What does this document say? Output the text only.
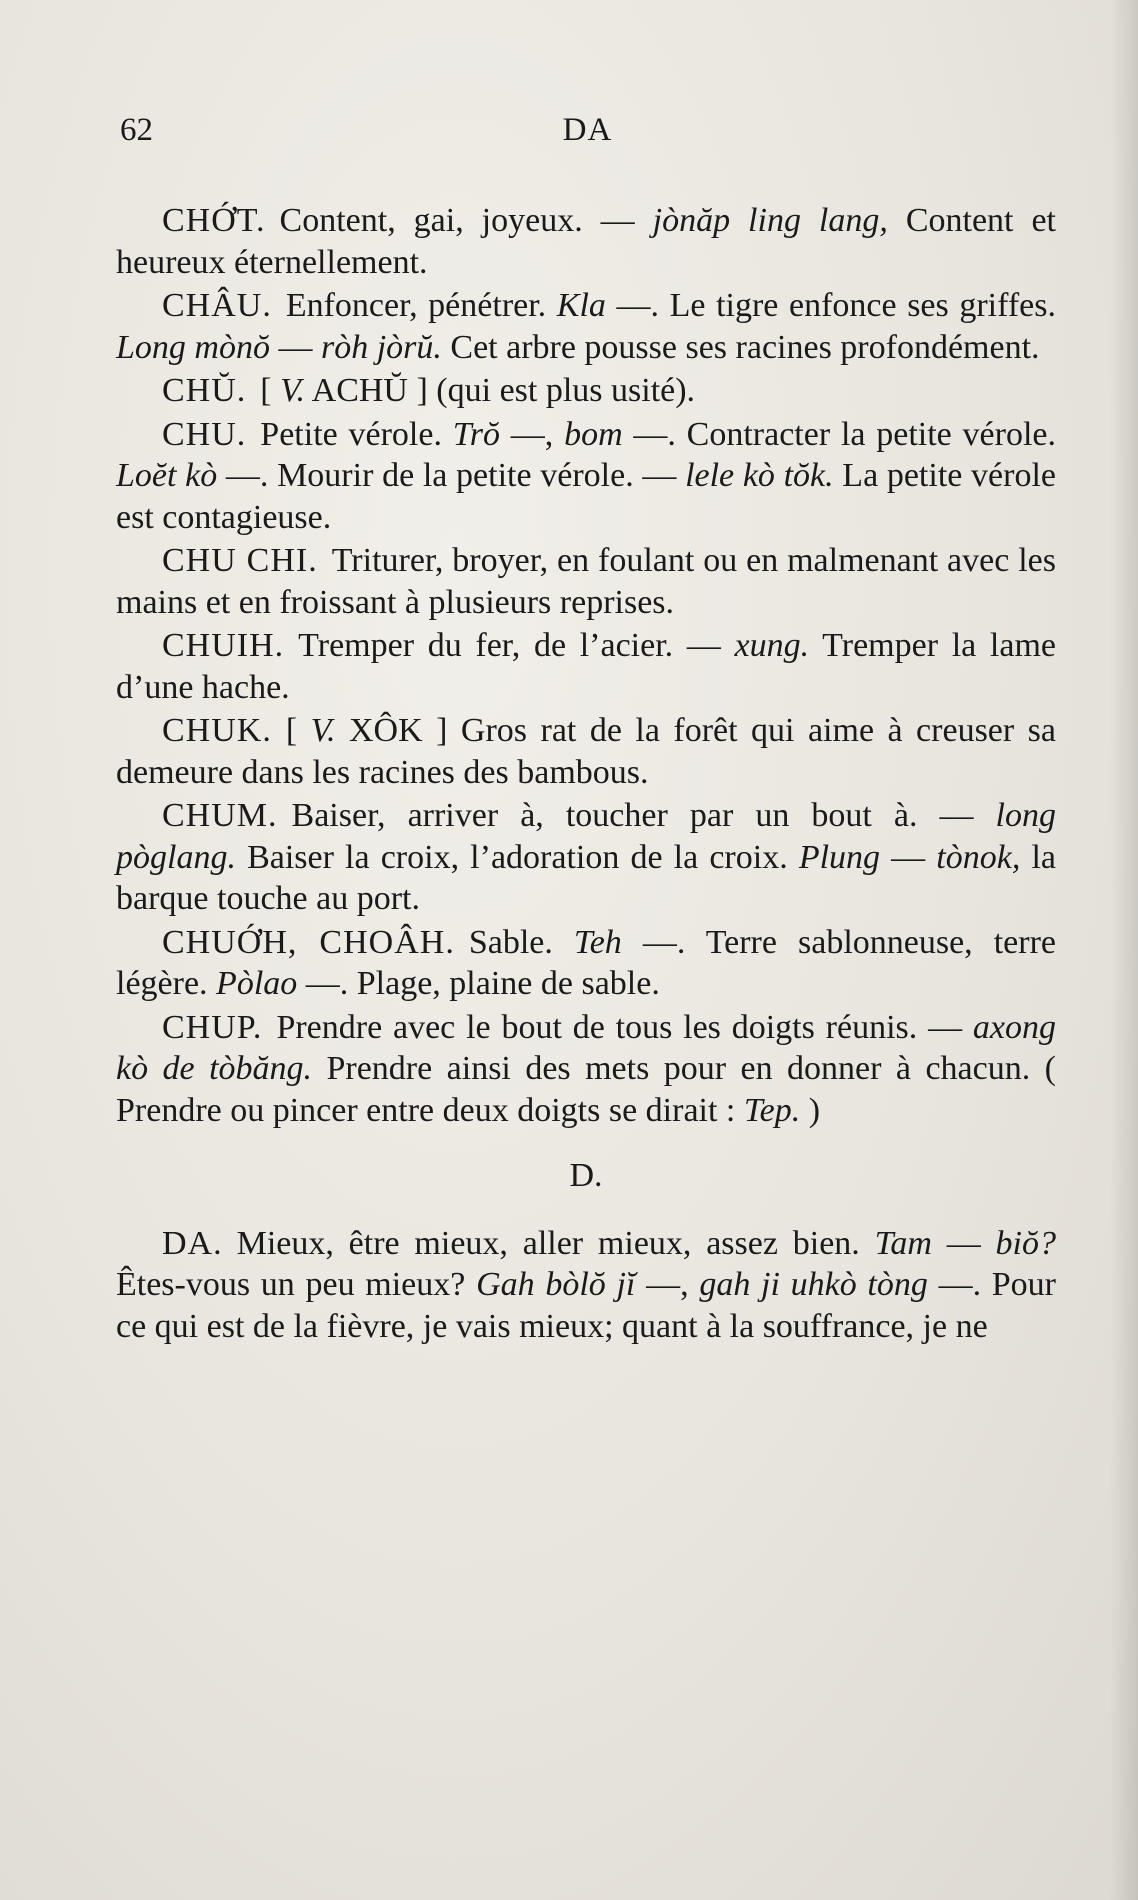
62	DA

CHỚT. Content, gai, joyeux. — jònăp ling lang, Content et heureux éternellement.

CHÂU. Enfoncer, pénétrer. Kla —. Le tigre enfonce ses griffes. Long mònŏ — ròh jòrŭ. Cet arbre pousse ses racines profondément.

CHŬ. [ V. ACHŬ ] (qui est plus usité).

CHU. Petite vérole. Trŏ —, bom —. Contracter la petite vérole. Loĕt kò —. Mourir de la petite vérole. — lele kò tŏk. La petite vérole est contagieuse.

CHU CHI. Triturer, broyer, en foulant ou en malmenant avec les mains et en froissant à plusieurs reprises.

CHUIH. Tremper du fer, de l’acier. — xung. Tremper la lame d’une hache.

CHUK. [ V. XÔK ] Gros rat de la forêt qui aime à creuser sa demeure dans les racines des bambous.

CHUM. Baiser, arriver à, toucher par un bout à. — long pòglang. Baiser la croix, l’adoration de la croix. Plung — tònok, la barque touche au port.

CHUỚH, CHOÂH. Sable. Teh —. Terre sablonneuse, terre légère. Pòlao —. Plage, plaine de sable.

CHUP. Prendre avec le bout de tous les doigts réunis. — axong kò de tòbăng. Prendre ainsi des mets pour en donner à chacun. ( Prendre ou pincer entre deux doigts se dirait : Tep. )

D.

DA. Mieux, être mieux, aller mieux, assez bien. Tam — biŏ? Êtes-vous un peu mieux? Gah bòlŏ jĭ —, gah ji uhkò tòng —. Pour ce qui est de la fièvre, je vais mieux; quant à la souffrance, je ne
